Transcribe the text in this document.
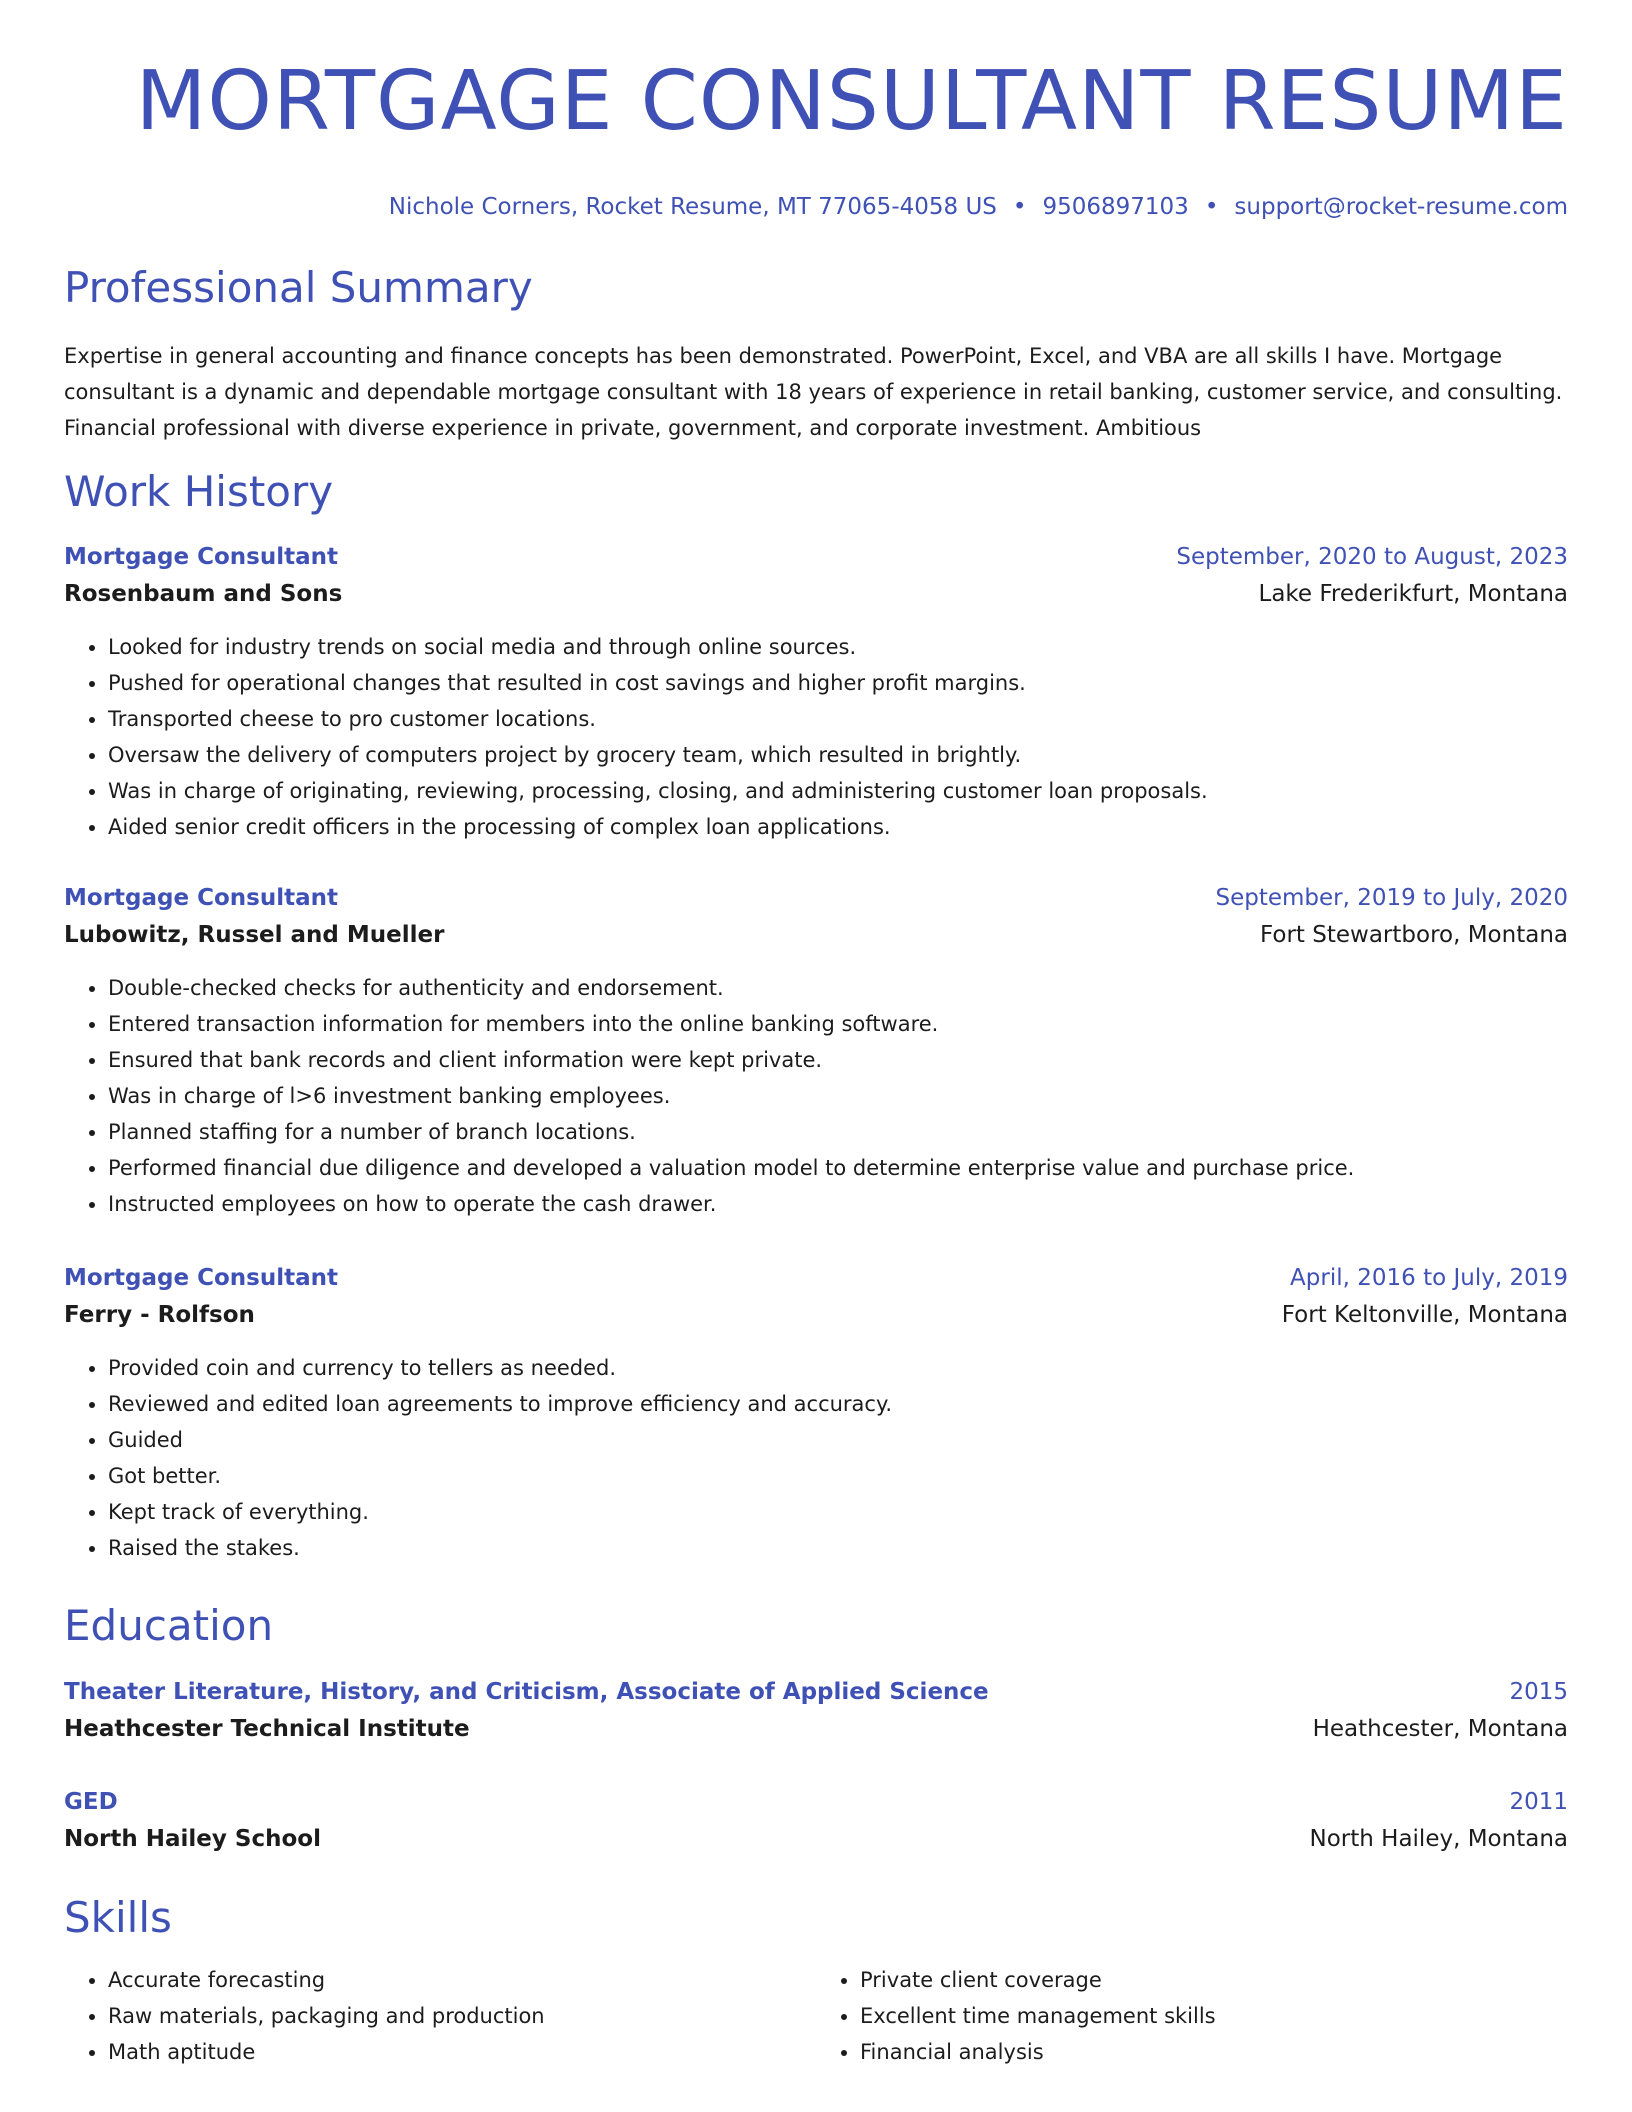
MORTGAGE CONSULTANT RESUME
Nichole Corners, Rocket Resume, MT 77065-4058 US • 9506897103 • support@rocket-resume.com
Professional Summary

Expertise in general accounting and finance concepts has been demonstrated. PowerPoint, Excel, and VBA are all skills I have. Mortgage consultant is a dynamic and dependable mortgage consultant with 18 years of experience in retail banking, customer service, and consulting. Financial professional with diverse experience in private, government, and corporate investment. Ambitious

Work History
Mortgage Consultant	September, 2020 to August, 2023
Rosenbaum and Sons	Lake Frederikfurt, Montana
• Looked for industry trends on social media and through online sources.
• Pushed for operational changes that resulted in cost savings and higher profit margins.
• Transported cheese to pro customer locations.
• Oversaw the delivery of computers project by grocery team, which resulted in brightly.
• Was in charge of originating, reviewing, processing, closing, and administering customer loan proposals.
• Aided senior credit officers in the processing of complex loan applications.
Mortgage Consultant	September, 2019 to July, 2020
Lubowitz, Russel and Mueller	Fort Stewartboro, Montana
• Double-checked checks for authenticity and endorsement.
• Entered transaction information for members into the online banking software.
• Ensured that bank records and client information were kept private.
• Was in charge of l>6 investment banking employees.
• Planned staffing for a number of branch locations.
• Performed financial due diligence and developed a valuation model to determine enterprise value and purchase price.
• Instructed employees on how to operate the cash drawer.
Mortgage Consultant	April, 2016 to July, 2019
Ferry - Rolfson	Fort Keltonville, Montana
• Provided coin and currency to tellers as needed.
• Reviewed and edited loan agreements to improve efficiency and accuracy.
• Guided
• Got better.
• Kept track of everything.
• Raised the stakes.
Education
Theater Literature, History, and Criticism, Associate of Applied Science	2015
Heathcester Technical Institute	Heathcester, Montana
GED	2011
North Hailey School	North Hailey, Montana
Skills
• Accurate forecasting
• Raw materials, packaging and production
• Math aptitude
• Private client coverage
• Excellent time management skills
• Financial analysis
